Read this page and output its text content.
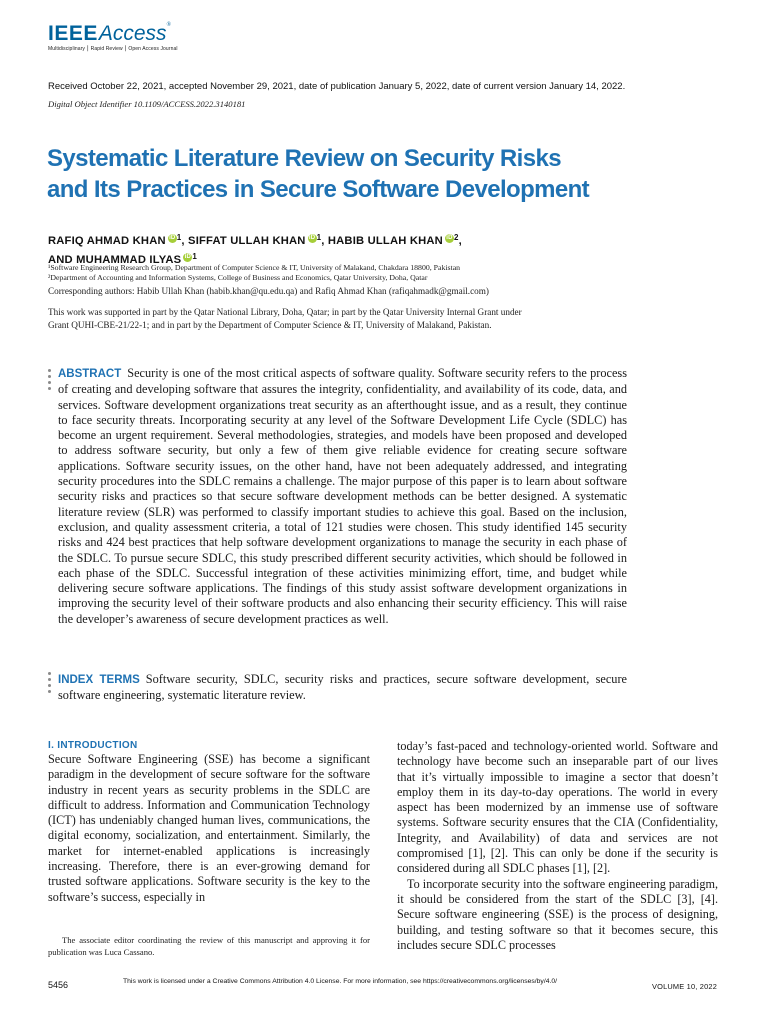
IEEEAccess®
Multidisciplinary ⎮ Rapid Review ⎮ Open Access Journal
Received October 22, 2021, accepted November 29, 2021, date of publication January 5, 2022, date of current version January 14, 2022.
Digital Object Identifier 10.1109/ACCESS.2022.3140181
Systematic Literature Review on Security Risks
and Its Practices in Secure Software Development
RAFIQ AHMAD KHAN $iD^1$, SIFFAT ULLAH KHAN $iD^1$, HABIB ULLAH KHAN $iD^2$,
AND MUHAMMAD ILYAS $iD^1$
¹Software Engineering Research Group, Department of Computer Science & IT, University of Malakand, Chakdara 18800, Pakistan
²Department of Accounting and Information Systems, College of Business and Economics, Qatar University, Doha, Qatar
Corresponding authors: Habib Ullah Khan (habib.khan@qu.edu.qa) and Rafiq Ahmad Khan (rafiqahmadk@gmail.com)
This work was supported in part by the Qatar National Library, Doha, Qatar; in part by the Qatar University Internal Grant under
Grant QUHI-CBE-21/22-1; and in part by the Department of Computer Science & IT, University of Malakand, Pakistan.
ABSTRACT Security is one of the most critical aspects of software quality. Software security refers to the process of creating and developing software that assures the integrity, confidentiality, and availability of its code, data, and services. Software development organizations treat security as an afterthought issue, and as a result, they continue to face security threats. Incorporating security at any level of the Software Development Life Cycle (SDLC) has become an urgent requirement. Several methodologies, strategies, and models have been proposed and developed to address software security, but only a few of them give reliable evidence for creating secure software applications. Software security issues, on the other hand, have not been adequately addressed, and integrating security procedures into the SDLC remains a challenge. The major purpose of this paper is to learn about software security risks and practices so that secure software development methods can be better designed. A systematic literature review (SLR) was performed to classify important studies to achieve this goal. Based on the inclusion, exclusion, and quality assessment criteria, a total of 121 studies were chosen. This study identified 145 security risks and 424 best practices that help software development organizations to manage the security in each phase of the SDLC. To pursue secure SDLC, this study prescribed different security activities, which should be followed in each phase of the SDLC. Successful integration of these activities minimizing effort, time, and budget while delivering secure software applications. The findings of this study assist software development organizations in improving the security level of their software products and also enhancing their security efficiency. This will raise the developer’s awareness of secure development practices as well.
INDEX TERMS Software security, SDLC, security risks and practices, secure software development, secure software engineering, systematic literature review.
I. INTRODUCTION
Secure Software Engineering (SSE) has become a significant paradigm in the development of secure software for the software industry in recent years as security problems in the SDLC are difficult to address. Information and Communication Technology (ICT) has undeniably changed human lives, communications, the digital economy, socialization, and entertainment. Similarly, the market for internet-enabled applications is increasingly increasing. Therefore, there is an ever-growing demand for trusted software applications. Software security is the key to the software’s success, especially in
today’s fast-paced and technology-oriented world. Software and technology have become such an inseparable part of our lives that it’s virtually impossible to imagine a sector that doesn’t employ them in its day-to-day operations. The world in every aspect has been modernized by an immense use of software systems. Software security ensures that the CIA (Confidentiality, Integrity, and Availability) of data and services are not compromised [1], [2]. This can only be done if the security is considered during all SDLC phases [1], [2].
To incorporate security into the software engineering paradigm, it should be considered from the start of the SDLC [3], [4]. Secure software engineering (SSE) is the process of designing, building, and testing software so that it becomes secure, this includes secure SDLC processes
The associate editor coordinating the review of this manuscript and approving it for publication was Luca Cassano.
5456	This work is licensed under a Creative Commons Attribution 4.0 License. For more information, see https://creativecommons.org/licenses/by/4.0/
VOLUME 10, 2022
